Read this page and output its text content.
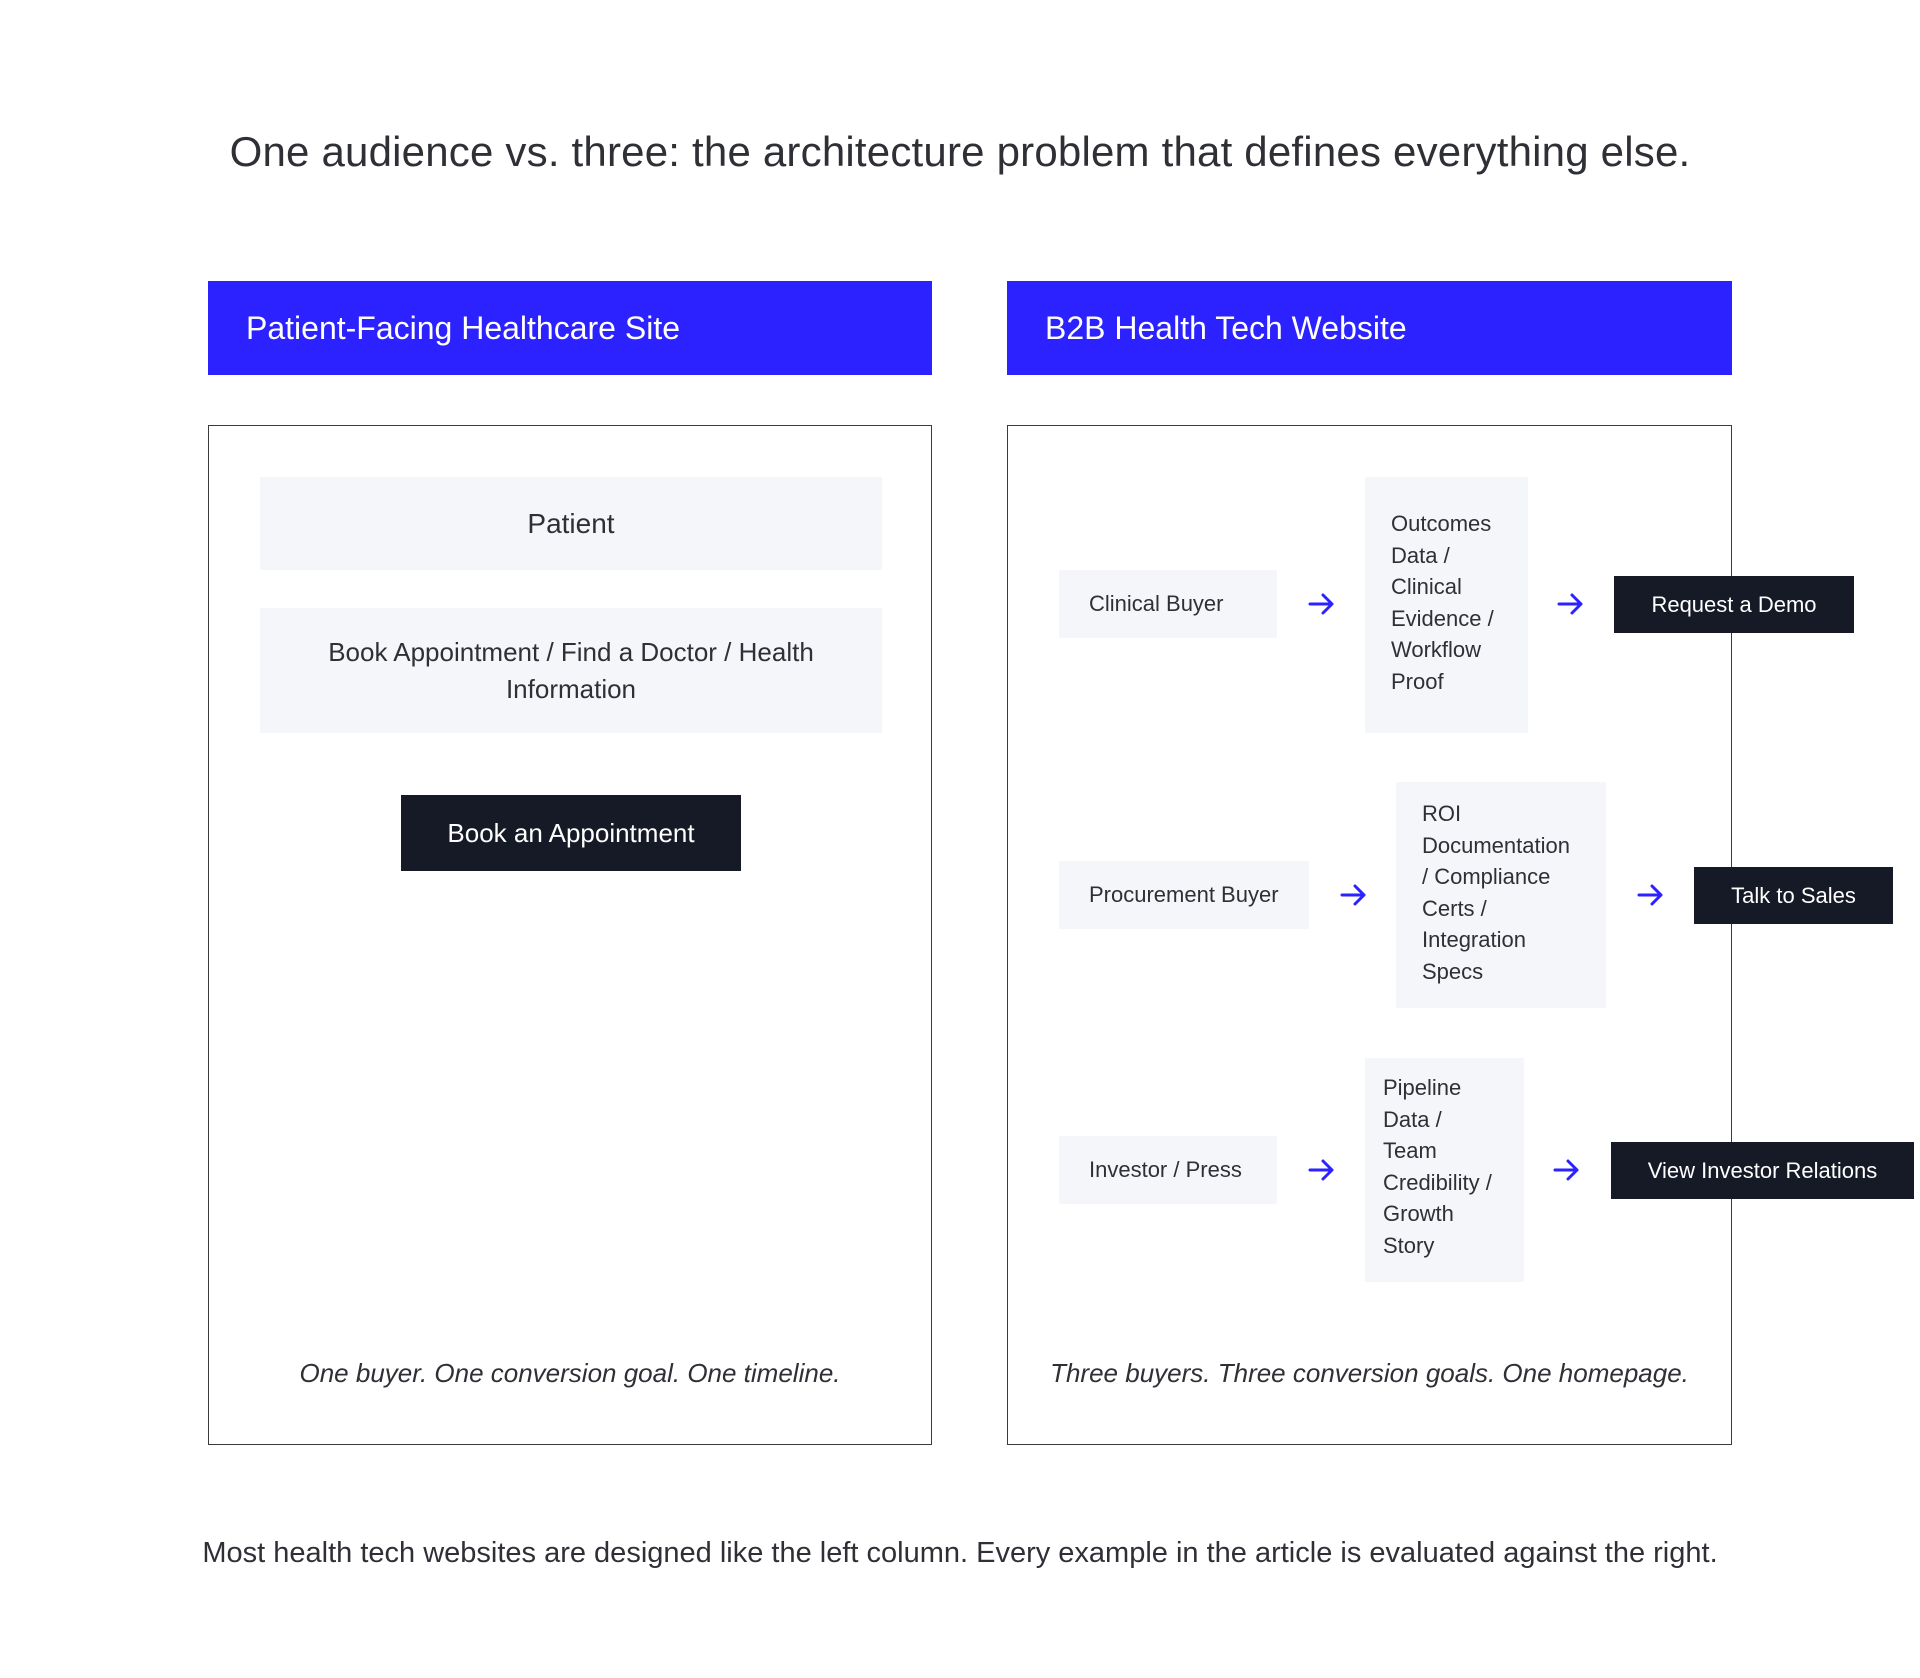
One audience vs. three: the architecture problem that defines everything else.
Patient-Facing Healthcare Site
Patient
Book Appointment / Find a Doctor / Health Information
Book an Appointment
One buyer. One conversion goal. One timeline.
B2B Health Tech Website
Three buyers. Three conversion goals. One homepage.
Clinical Buyer
Outcomes
Data /
Clinical
Evidence /
Workflow
Proof
Request a Demo
Procurement Buyer
ROI
Documentation
/ Compliance
Certs /
Integration
Specs
Talk to Sales
Investor / Press
Pipeline
Data /
Team
Credibility /
Growth
Story
View Investor Relations
Most health tech websites are designed like the left column. Every example in the article is evaluated against the right.
